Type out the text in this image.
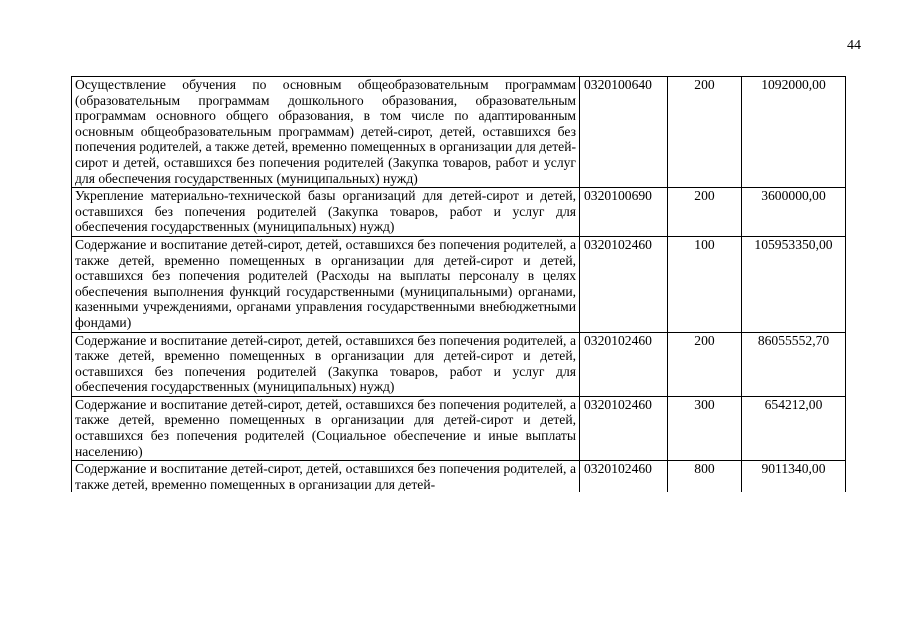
44
Осуществление обучения по основным общеобразовательным программам (образовательным программам дошкольного образования, образовательным программам основного общего образования, в том числе по адаптированным основным общеобразовательным программам) детей-сирот, детей, оставшихся без попечения родителей, а также детей, временно помещенных в организации для детей-сирот и детей, оставшихся без попечения родителей (Закупка товаров, работ и услуг для обеспечения государственных (муниципальных) нужд)	0320100640	200	1092000,00
Укрепление материально-технической базы организаций для детей-сирот и детей, оставшихся без попечения родителей (Закупка товаров, работ и услуг для обеспечения государственных (муниципальных) нужд)	0320100690	200	3600000,00
Содержание и воспитание детей-сирот, детей, оставшихся без попечения родителей, а также детей, временно помещенных в организации для детей-сирот и детей, оставшихся без попечения родителей (Расходы на выплаты персоналу в целях обеспечения выполнения функций государственными (муниципальными) органами, казенными учреждениями, органами управления государственными внебюджетными фондами)	0320102460	100	105953350,00
Содержание и воспитание детей-сирот, детей, оставшихся без попечения родителей, а также детей, временно помещенных в организации для детей-сирот и детей, оставшихся без попечения родителей (Закупка товаров, работ и услуг для обеспечения государственных (муниципальных) нужд)	0320102460	200	86055552,70
Содержание и воспитание детей-сирот, детей, оставшихся без попечения родителей, а также детей, временно помещенных в организации для детей-сирот и детей, оставшихся без попечения родителей (Социальное обеспечение и иные выплаты населению)	0320102460	300	654212,00

Содержание и воспитание детей-сирот, детей, оставшихся без попечения родителей, а также детей, временно помещенных в организации для детей-	0320102460	800	9011340,00
